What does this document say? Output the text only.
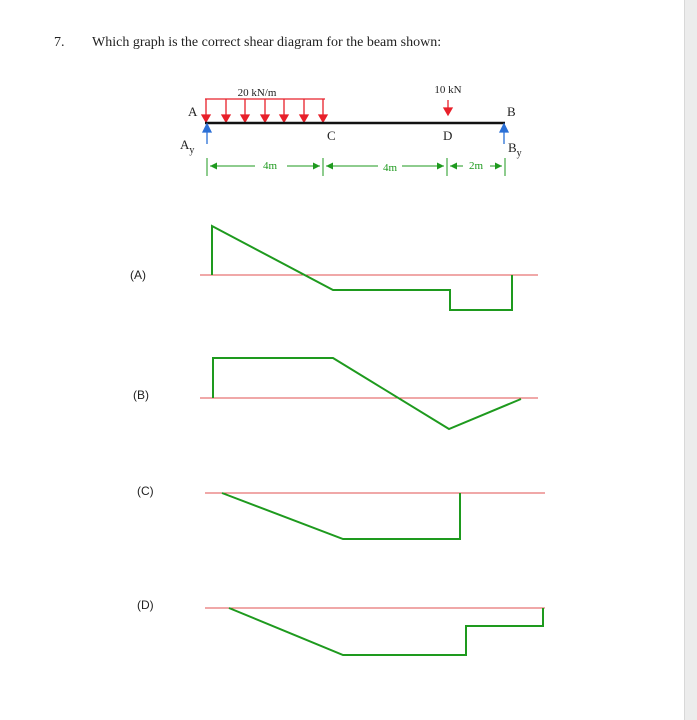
7. Which graph is the correct shear diagram for the beam shown:
20 kN/m	10 kN
A	B
C	D
$A_y$	$B_y$
4m	4m	2m
(A)
(B)
(C)
(D)
